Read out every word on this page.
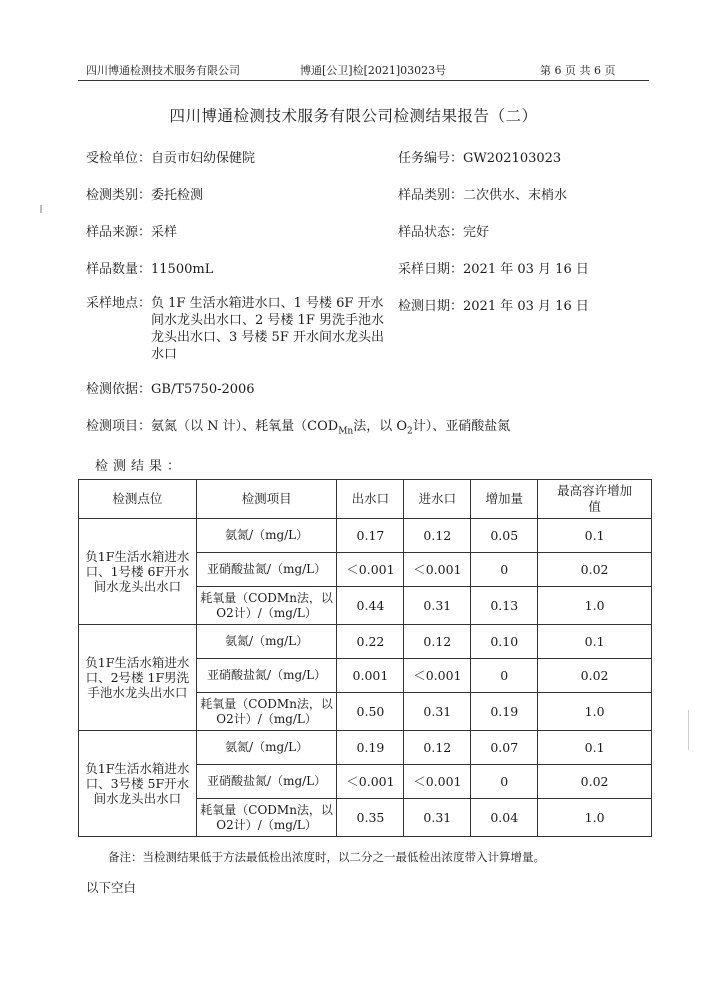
四川博通检测技术服务有限公司	博通[公卫]检[2021]03023号	第 6 页 共 6 页
四川博通检测技术服务有限公司检测结果报告（二）
受检单位：自贡市妇幼保健院	任务编号：GW202103023
检测类别：委托检测	样品类别：二次供水、末梢水
样品来源：采样	样品状态：完好
样品数量：11500mL	采样日期：2021 年 03 月 16 日
采样地点： 负 1F 生活水箱进水口、1 号楼 6F 开水间水龙头出水口、2 号楼 1F 男洗手池水龙头出水口、3 号楼 5F 开水间水龙头出水口
检测日期：2021 年 03 月 16 日
检测依据：GB/T5750-2006
检测项目：氨氮（以 N 计）、耗氧量（$COD_{Mn}$法，以 $O_2$计）、亚硝酸盐氮
检测结果：
检测点位	检测项目	出水口	进水口	增加量	最高容许增加值
负1F生活水箱进水口、1号楼 6F开水间水龙头出水口	氨氮/（mg/L）	0.17	0.12	0.05	0.1
	亚硝酸盐氮/（mg/L）	＜0.001	＜0.001	0	0.02
	耗氧量（CODMn法，以O2计）/（mg/L）	0.44	0.31	0.13	1.0
负1F生活水箱进水口、2号楼 1F男洗手池水龙头出水口	氨氮/（mg/L）	0.22	0.12	0.10	0.1
	亚硝酸盐氮/（mg/L）	0.001	＜0.001	0	0.02
	耗氧量（CODMn法，以O2计）/（mg/L）	0.50	0.31	0.19	1.0
负1F生活水箱进水口、3号楼 5F开水间水龙头出水口	氨氮/（mg/L）	0.19	0.12	0.07	0.1
	亚硝酸盐氮/（mg/L）	＜0.001	＜0.001	0	0.02
	耗氧量（CODMn法，以O2计）/（mg/L）	0.35	0.31	0.04	1.0
备注：当检测结果低于方法最低检出浓度时，以二分之一最低检出浓度带入计算增量。
以下空白
